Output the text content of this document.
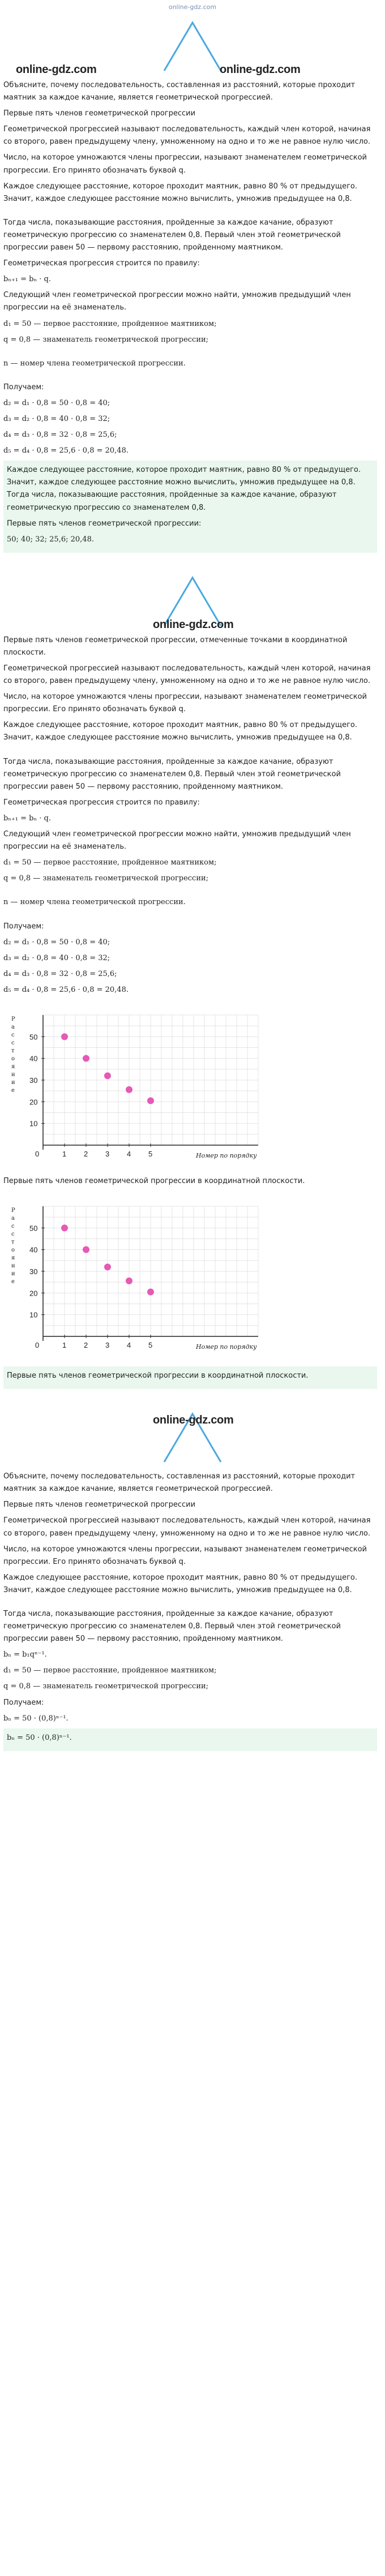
online-gdz.com
online-gdz.com	online-gdz.com

Объясните, почему последовательность, составленная из расстояний, которые проходит маятник за каждое качание, является геометрической прогрессией.

Первые пять членов геометрической прогрессии

Геометрической прогрессией называют последовательность, каждый член которой, начиная со второго, равен предыдущему члену, умноженному на одно и то же не равное нулю число.

Число, на которое умножаются члены прогрессии, называют знаменателем геометрической прогрессии. Его принято обозначать буквой q.

Каждое следующее расстояние, которое проходит маятник, равно 80 % от предыдущего. Значит, каждое следующее расстояние можно вычислить, умножив предыдущее на 0,8.

Тогда числа, показывающие расстояния, пройденные за каждое качание, образуют геометрическую прогрессию со знаменателем 0,8. Первый член этой геометрической прогрессии равен 50 — первому расстоянию, пройденному маятником.

Геометрическая прогрессия строится по правилу:

bₙ₊₁ = bₙ · q.

Следующий член геометрической прогрессии можно найти, умножив предыдущий член прогрессии на её знаменатель.

d₁ = 50 — первое расстояние, пройденное маятником;

q = 0,8 — знаменатель геометрической прогрессии;

n — номер члена геометрической прогрессии.

Получаем:

d₂ = d₁ · 0,8 = 50 · 0,8 = 40;

d₃ = d₂ · 0,8 = 40 · 0,8 = 32;

d₄ = d₃ · 0,8 = 32 · 0,8 = 25,6;

d₅ = d₄ · 0,8 = 25,6 · 0,8 = 20,48.

Каждое следующее расстояние, которое проходит маятник, равно 80 % от предыдущего. Значит, каждое следующее расстояние можно вычислить, умножив предыдущее на 0,8. Тогда числа, показывающие расстояния, пройденные за каждое качание, образуют геометрическую прогрессию со знаменателем 0,8.

Первые пять членов геометрической прогрессии:

50; 40; 32; 25,6; 20,48.

online-gdz.com

Первые пять членов геометрической прогрессии, отмеченные точками в координатной плоскости.

Геометрической прогрессией называют последовательность, каждый член которой, начиная со второго, равен предыдущему члену, умноженному на одно и то же не равное нулю число.

Число, на которое умножаются члены прогрессии, называют знаменателем геометрической прогрессии. Его принято обозначать буквой q.

Каждое следующее расстояние, которое проходит маятник, равно 80 % от предыдущего. Значит, каждое следующее расстояние можно вычислить, умножив предыдущее на 0,8.

Тогда числа, показывающие расстояния, пройденные за каждое качание, образуют геометрическую прогрессию со знаменателем 0,8. Первый член этой геометрической прогрессии равен 50 — первому расстоянию, пройденному маятником.

Геометрическая прогрессия строится по правилу:

bₙ₊₁ = bₙ · q.

Следующий член геометрической прогрессии можно найти, умножив предыдущий член прогрессии на её знаменатель.

d₁ = 50 — первое расстояние, пройденное маятником;

q = 0,8 — знаменатель геометрической прогрессии;

n — номер члена геометрической прогрессии.

Получаем:

d₂ = d₁ · 0,8 = 50 · 0,8 = 40;

d₃ = d₂ · 0,8 = 40 · 0,8 = 32;

d₄ = d₃ · 0,8 = 32 · 0,8 = 25,6;

d₅ = d₄ · 0,8 = 25,6 · 0,8 = 20,48.

0	1 2 3 4 5
10
20
30
40
50
Р а с с т о я н и е
Номер по порядку

Первые пять членов геометрической прогрессии в координатной плоскости.

0	1 2 3 4 5
10
20
30
40
50
Р а с с т о я н и е
Номер по порядку

Первые пять членов геометрической прогрессии в координатной плоскости.

online-gdz.com

Объясните, почему последовательность, составленная из расстояний, которые проходит маятник за каждое качание, является геометрической прогрессией.

Первые пять членов геометрической прогрессии

Геометрической прогрессией называют последовательность, каждый член которой, начиная со второго, равен предыдущему члену, умноженному на одно и то же не равное нулю число.

Число, на которое умножаются члены прогрессии, называют знаменателем геометрической прогрессии. Его принято обозначать буквой q.

Каждое следующее расстояние, которое проходит маятник, равно 80 % от предыдущего. Значит, каждое следующее расстояние можно вычислить, умножив предыдущее на 0,8.

Тогда числа, показывающие расстояния, пройденные за каждое качание, образуют геометрическую прогрессию со знаменателем 0,8. Первый член этой геометрической прогрессии равен 50 — первому расстоянию, пройденному маятником.

bₙ = b₁qⁿ⁻¹.

d₁ = 50 — первое расстояние, пройденное маятником;

q = 0,8 — знаменатель геометрической прогрессии;

Получаем:

bₙ = 50 · (0,8)ⁿ⁻¹.

bₙ = 50 · (0,8)ⁿ⁻¹.
